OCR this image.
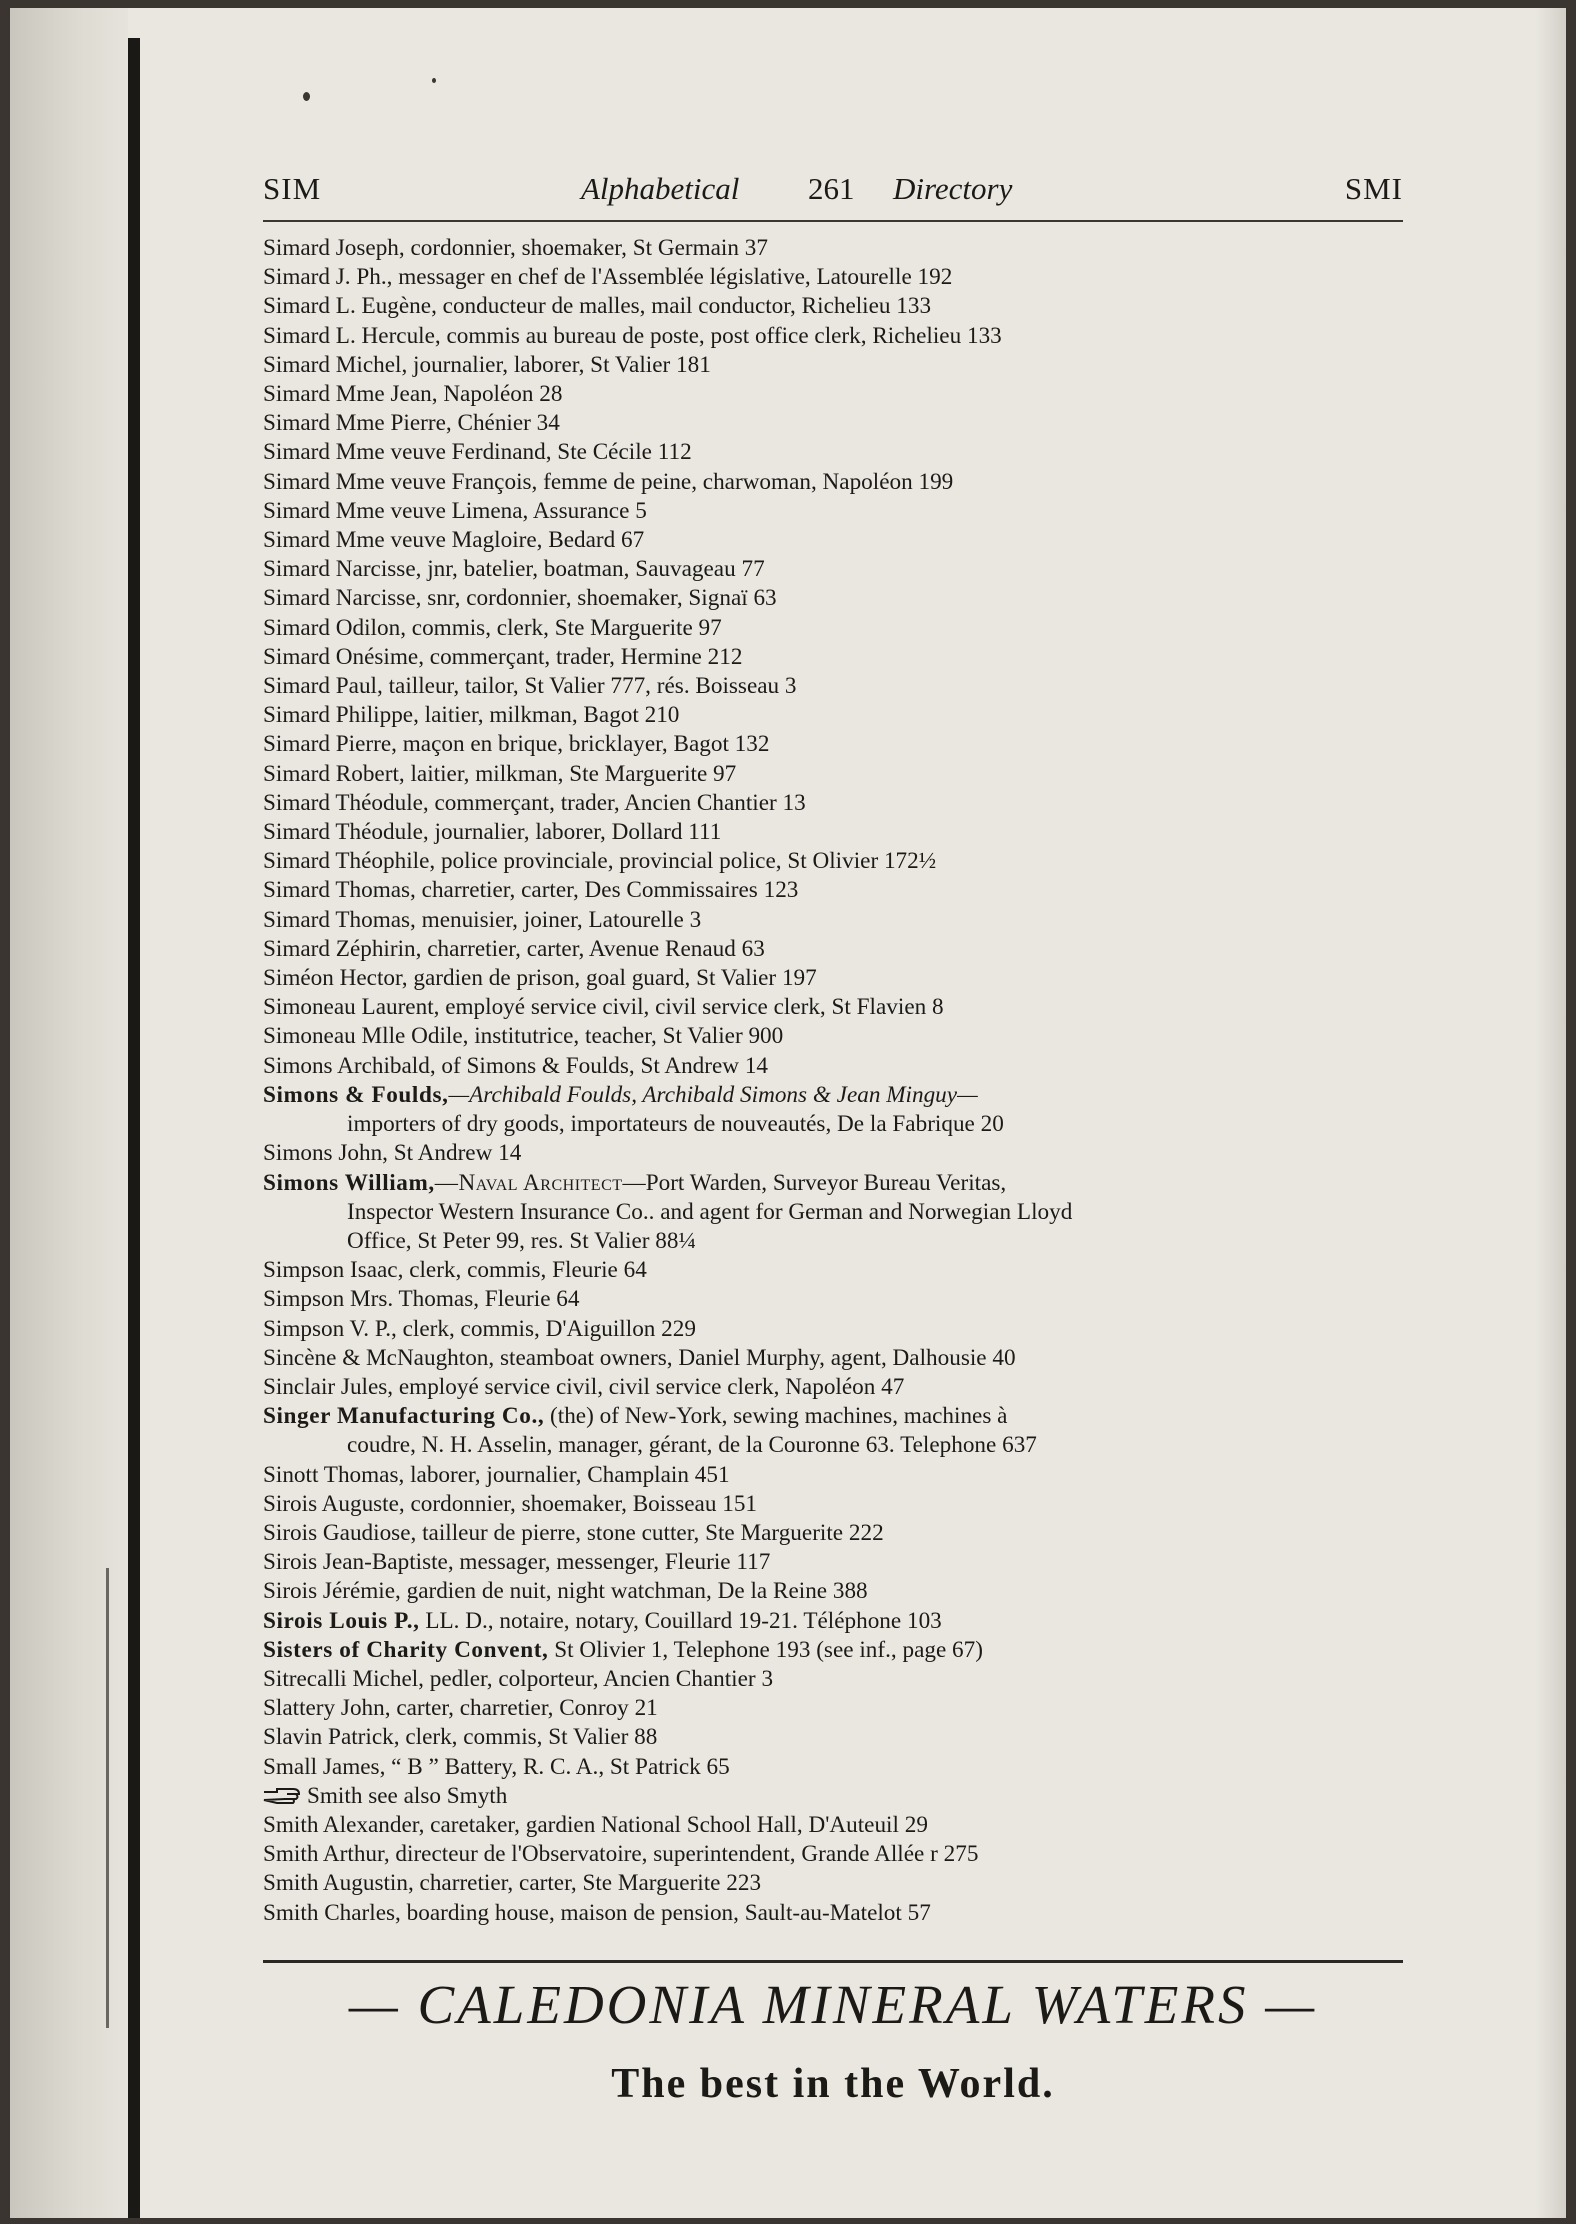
SIM	Alphabetical 261 Directory	SMI
Simard Joseph, cordonnier, shoemaker, St Germain 37
Simard J. Ph., messager en chef de l'Assemblée législative, Latourelle 192
Simard L. Eugène, conducteur de malles, mail conductor, Richelieu 133
Simard L. Hercule, commis au bureau de poste, post office clerk, Richelieu 133
Simard Michel, journalier, laborer, St Valier 181
Simard Mme Jean, Napoléon 28
Simard Mme Pierre, Chénier 34
Simard Mme veuve Ferdinand, Ste Cécile 112
Simard Mme veuve François, femme de peine, charwoman, Napoléon 199
Simard Mme veuve Limena, Assurance 5
Simard Mme veuve Magloire, Bedard 67
Simard Narcisse, jnr, batelier, boatman, Sauvageau 77
Simard Narcisse, snr, cordonnier, shoemaker, Signaï 63
Simard Odilon, commis, clerk, Ste Marguerite 97
Simard Onésime, commerçant, trader, Hermine 212
Simard Paul, tailleur, tailor, St Valier 777, rés. Boisseau 3
Simard Philippe, laitier, milkman, Bagot 210
Simard Pierre, maçon en brique, bricklayer, Bagot 132
Simard Robert, laitier, milkman, Ste Marguerite 97
Simard Théodule, commerçant, trader, Ancien Chantier 13
Simard Théodule, journalier, laborer, Dollard 111
Simard Théophile, police provinciale, provincial police, St Olivier 172½
Simard Thomas, charretier, carter, Des Commissaires 123
Simard Thomas, menuisier, joiner, Latourelle 3
Simard Zéphirin, charretier, carter, Avenue Renaud 63
Siméon Hector, gardien de prison, goal guard, St Valier 197
Simoneau Laurent, employé service civil, civil service clerk, St Flavien 8
Simoneau Mlle Odile, institutrice, teacher, St Valier 900
Simons Archibald, of Simons & Foulds, St Andrew 14
Simons & Foulds,—Archibald Foulds, Archibald Simons & Jean Minguy—
importers of dry goods, importateurs de nouveautés, De la Fabrique 20
Simons John, St Andrew 14
Simons William,—Naval Architect—Port Warden, Surveyor Bureau Veritas,
Inspector Western Insurance Co.. and agent for German and Norwegian Lloyd
Office, St Peter 99, res. St Valier 88¼
Simpson Isaac, clerk, commis, Fleurie 64
Simpson Mrs. Thomas, Fleurie 64
Simpson V. P., clerk, commis, D'Aiguillon 229
Sincène & McNaughton, steamboat owners, Daniel Murphy, agent, Dalhousie 40
Sinclair Jules, employé service civil, civil service clerk, Napoléon 47
Singer Manufacturing Co., (the) of New-York, sewing machines, machines à
coudre, N. H. Asselin, manager, gérant, de la Couronne 63. Telephone 637
Sinott Thomas, laborer, journalier, Champlain 451
Sirois Auguste, cordonnier, shoemaker, Boisseau 151
Sirois Gaudiose, tailleur de pierre, stone cutter, Ste Marguerite 222
Sirois Jean-Baptiste, messager, messenger, Fleurie 117
Sirois Jérémie, gardien de nuit, night watchman, De la Reine 388
Sirois Louis P., LL. D., notaire, notary, Couillard 19-21. Téléphone 103
Sisters of Charity Convent, St Olivier 1, Telephone 193 (see inf., page 67)
Sitrecalli Michel, pedler, colporteur, Ancien Chantier 3
Slattery John, carter, charretier, Conroy 21
Slavin Patrick, clerk, commis, St Valier 88
Small James, “ B ” Battery, R. C. A., St Patrick 65
Smith see also Smyth
Smith Alexander, caretaker, gardien National School Hall, D'Auteuil 29
Smith Arthur, directeur de l'Observatoire, superintendent, Grande Allée r 275
Smith Augustin, charretier, carter, Ste Marguerite 223
Smith Charles, boarding house, maison de pension, Sault-au-Matelot 57
— CALEDONIA MINERAL WATERS —
The best in the World.
